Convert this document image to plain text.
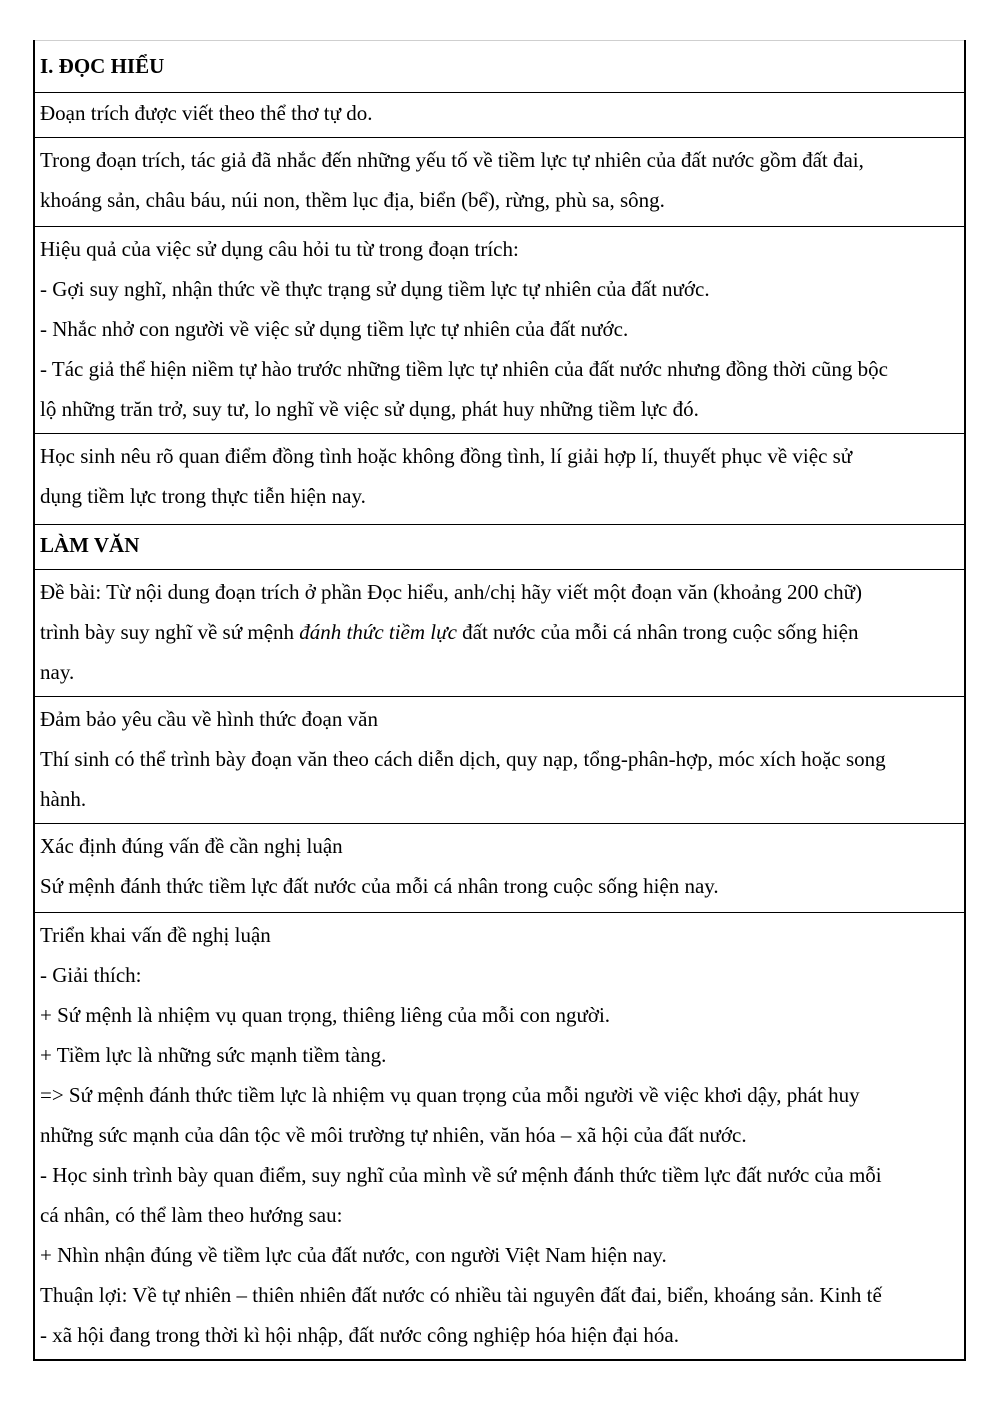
I. ĐỌC HIỂU

Đoạn trích được viết theo thể thơ tự do.

Trong đoạn trích, tác giả đã nhắc đến những yếu tố về tiềm lực tự nhiên của đất nước gồm đất đai,
khoáng sản, châu báu, núi non, thềm lục địa, biển (bể), rừng, phù sa, sông.

Hiệu quả của việc sử dụng câu hỏi tu từ trong đoạn trích:
- Gợi suy nghĩ, nhận thức về thực trạng sử dụng tiềm lực tự nhiên của đất nước.
- Nhắc nhở con người về việc sử dụng tiềm lực tự nhiên của đất nước.
- Tác giả thể hiện niềm tự hào trước những tiềm lực tự nhiên của đất nước nhưng đồng thời cũng bộc
lộ những trăn trở, suy tư, lo nghĩ về việc sử dụng, phát huy những tiềm lực đó.

Học sinh nêu rõ quan điểm đồng tình hoặc không đồng tình, lí giải hợp lí, thuyết phục về việc sử
dụng tiềm lực trong thực tiễn hiện nay.

LÀM VĂN

Đề bài: Từ nội dung đoạn trích ở phần Đọc hiểu, anh/chị hãy viết một đoạn văn (khoảng 200 chữ)
trình bày suy nghĩ về sứ mệnh đánh thức tiềm lực đất nước của mỗi cá nhân trong cuộc sống hiện
nay.

Đảm bảo yêu cầu về hình thức đoạn văn
Thí sinh có thể trình bày đoạn văn theo cách diễn dịch, quy nạp, tổng-phân-hợp, móc xích hoặc song
hành.

Xác định đúng vấn đề cần nghị luận
Sứ mệnh đánh thức tiềm lực đất nước của mỗi cá nhân trong cuộc sống hiện nay.

Triển khai vấn đề nghị luận
- Giải thích:
+ Sứ mệnh là nhiệm vụ quan trọng, thiêng liêng của mỗi con người.
+ Tiềm lực là những sức mạnh tiềm tàng.
=> Sứ mệnh đánh thức tiềm lực là nhiệm vụ quan trọng của mỗi người về việc khơi dậy, phát huy
những sức mạnh của dân tộc về môi trường tự nhiên, văn hóa – xã hội của đất nước.
- Học sinh trình bày quan điểm, suy nghĩ của mình về sứ mệnh đánh thức tiềm lực đất nước của mỗi
cá nhân, có thể làm theo hướng sau:
+ Nhìn nhận đúng về tiềm lực của đất nước, con người Việt Nam hiện nay.
Thuận lợi: Về tự nhiên – thiên nhiên đất nước có nhiều tài nguyên đất đai, biển, khoáng sản. Kinh tế
- xã hội đang trong thời kì hội nhập, đất nước công nghiệp hóa hiện đại hóa.
